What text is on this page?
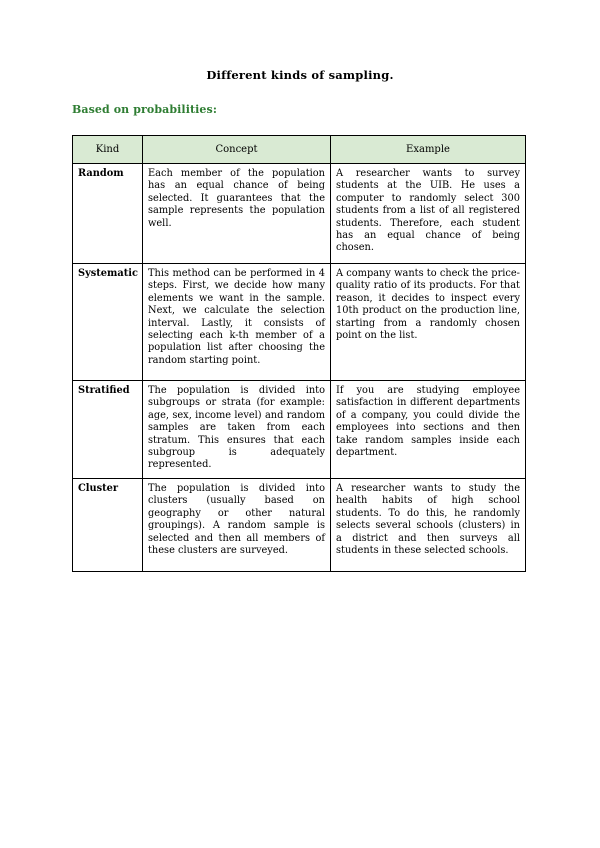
Different kinds of sampling.
Based on probabilities:
Kind	Concept	Example
Random	Each member of the population has an equal chance of being selected. It guarantees that the sample represents the population well.	A researcher wants to survey students at the UIB. He uses a computer to randomly select 300 students from a list of all registered students. Therefore, each student has an equal chance of being chosen.
Systematic	This method can be performed in 4 steps. First, we decide how many elements we want in the sample. Next, we calculate the selection interval. Lastly, it consists of selecting each k-th member of a population list after choosing the random starting point.	A company wants to check the price-quality ratio of its products. For that reason, it decides to inspect every 10th product on the production line, starting from a randomly chosen point on the list.
Stratified	The population is divided into subgroups or strata (for example: age, sex, income level) and random samples are taken from each stratum. This ensures that each subgroup is adequately represented.	If you are studying employee satisfaction in different departments of a company, you could divide the employees into sections and then take random samples inside each department.
Cluster	The population is divided into clusters (usually based on geography or other natural groupings). A random sample is selected and then all members of these clusters are surveyed.	A researcher wants to study the health habits of high school students. To do this, he randomly selects several schools (clusters) in a district and then surveys all students in these selected schools.
